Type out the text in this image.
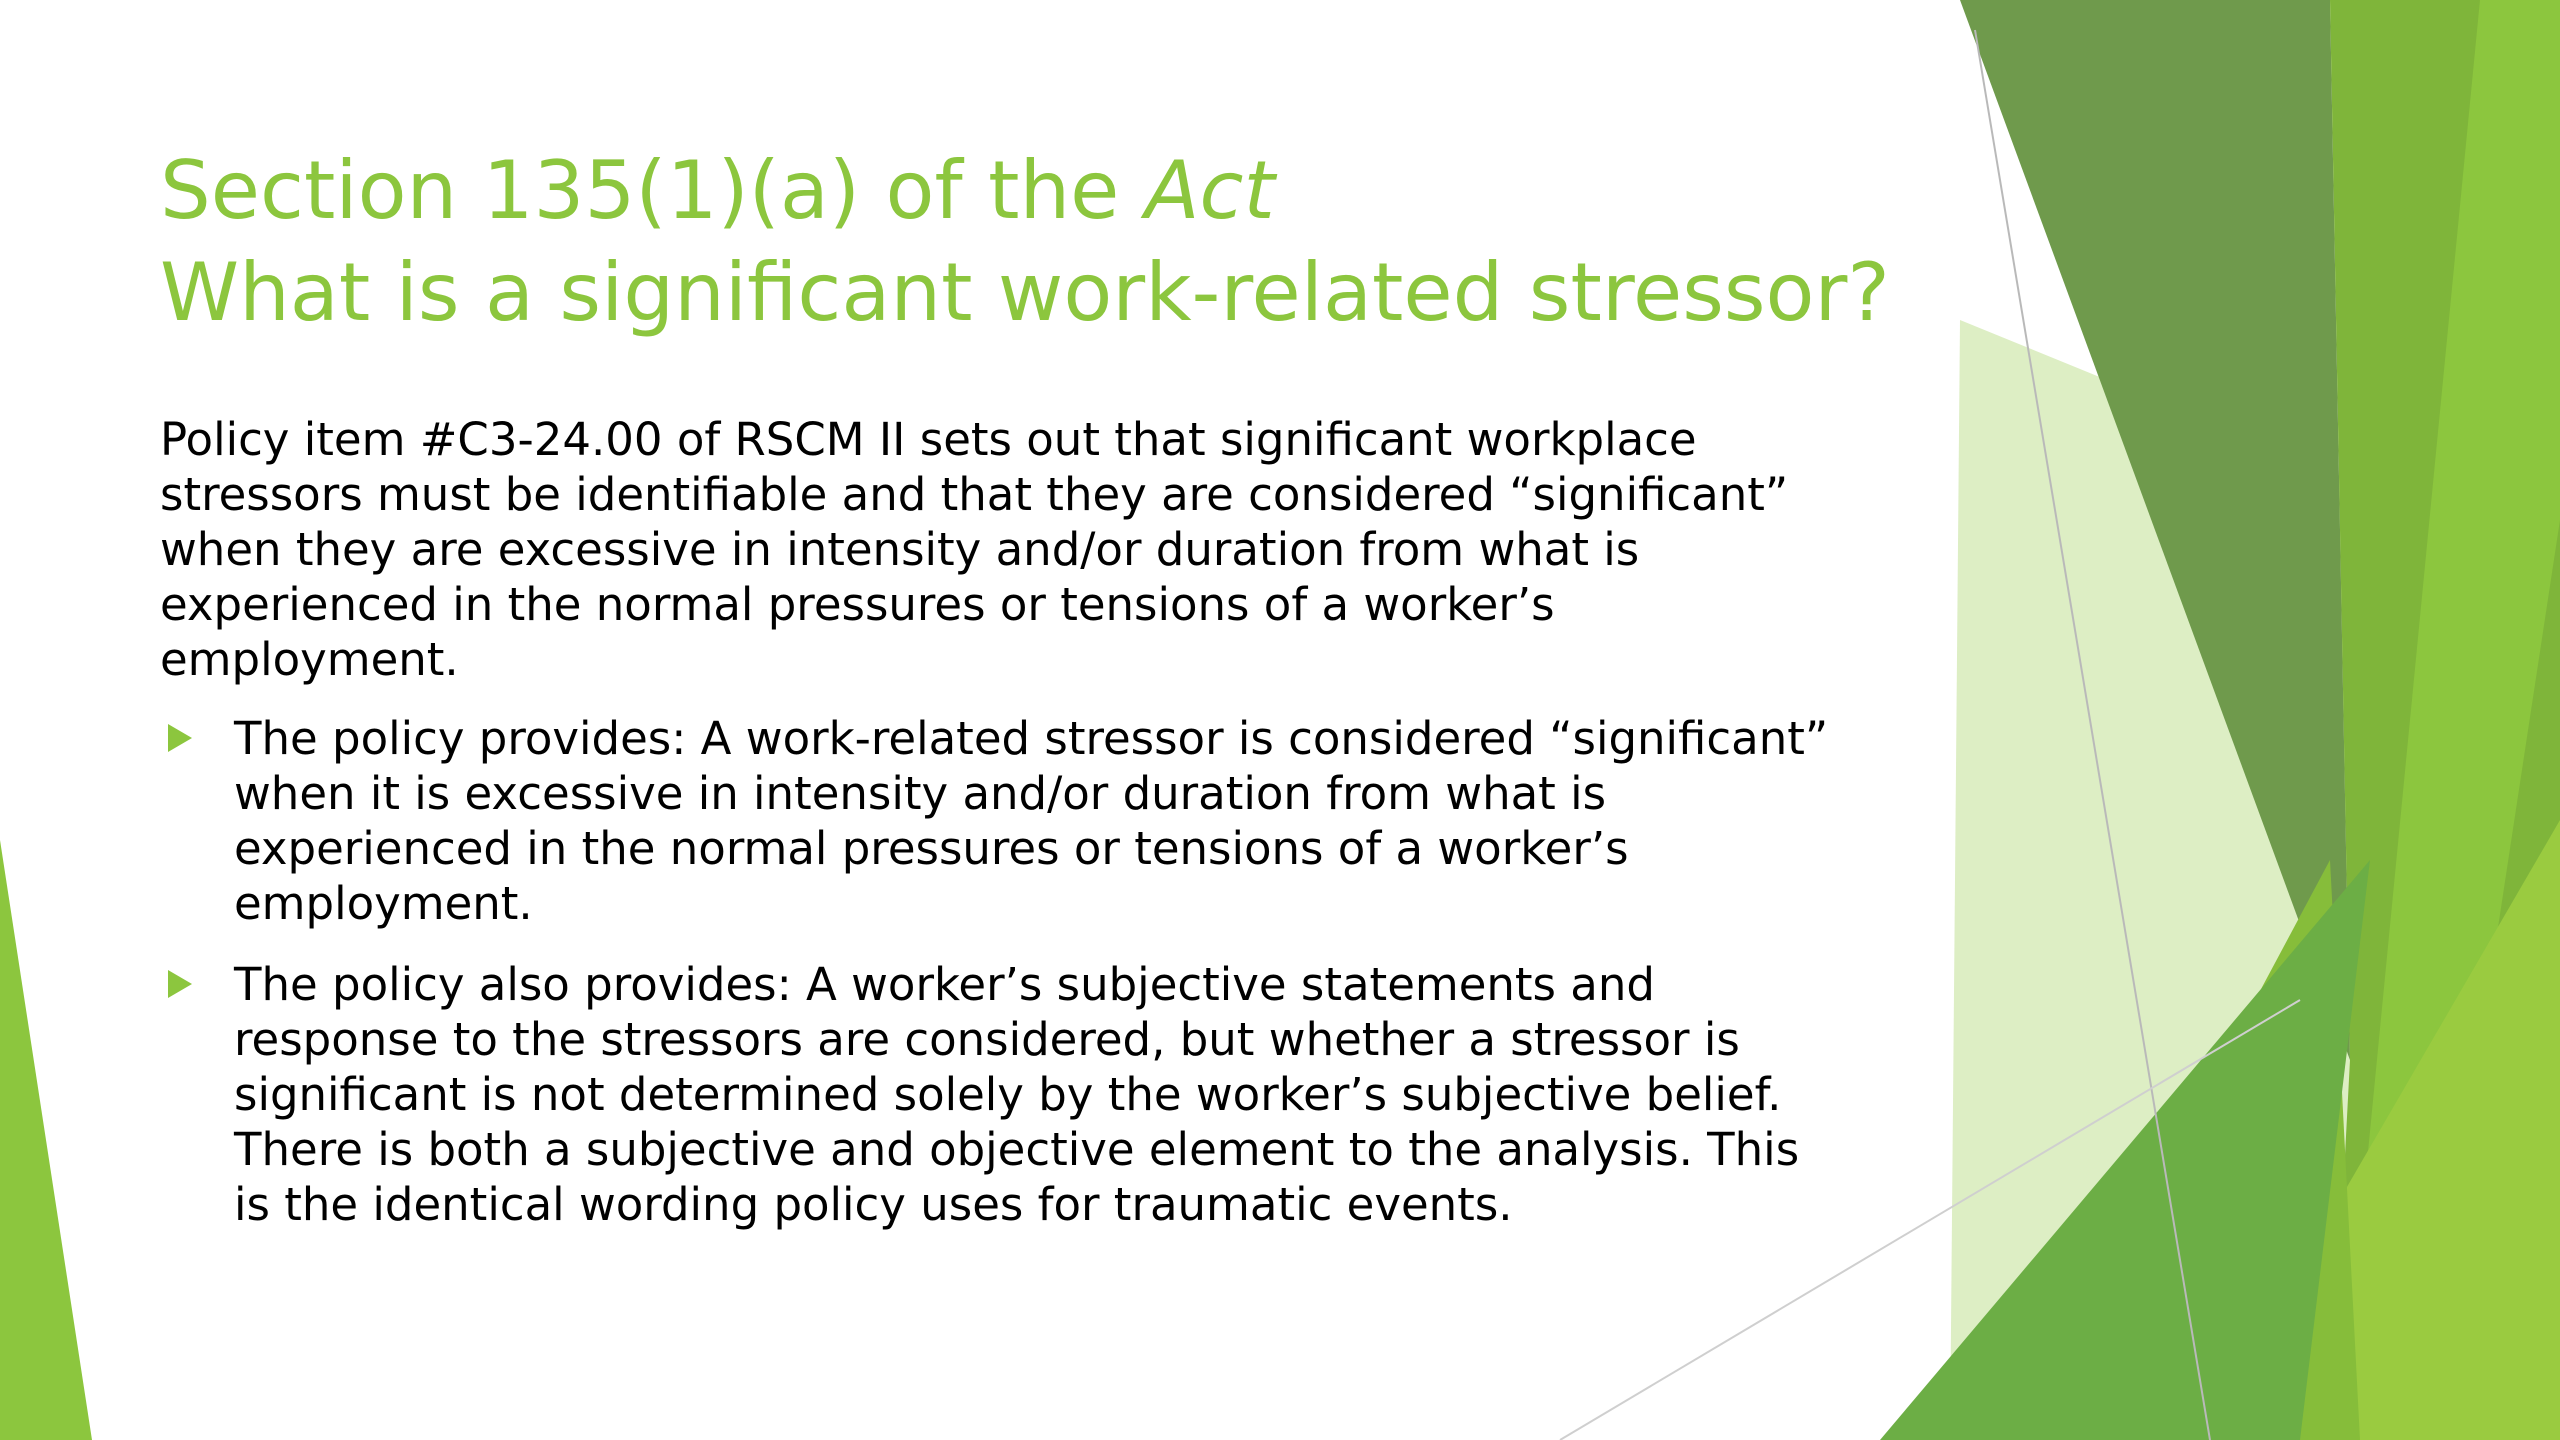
Section 135(1)(a) of the Act
What is a significant work-related stressor?

Policy item #C3-24.00 of RSCM II sets out that significant workplace stressors must be identifiable and that they are considered “significant” when they are excessive in intensity and/or duration from what is experienced in the normal pressures or tensions of a worker’s employment.

The policy provides: A work-related stressor is considered “significant” when it is excessive in intensity and/or duration from what is experienced in the normal pressures or tensions of a worker’s employment.
The policy also provides: A worker’s subjective statements and response to the stressors are considered, but whether a stressor is significant is not determined solely by the worker’s subjective belief. There is both a subjective and objective element to the analysis. This is the identical wording policy uses for traumatic events.
